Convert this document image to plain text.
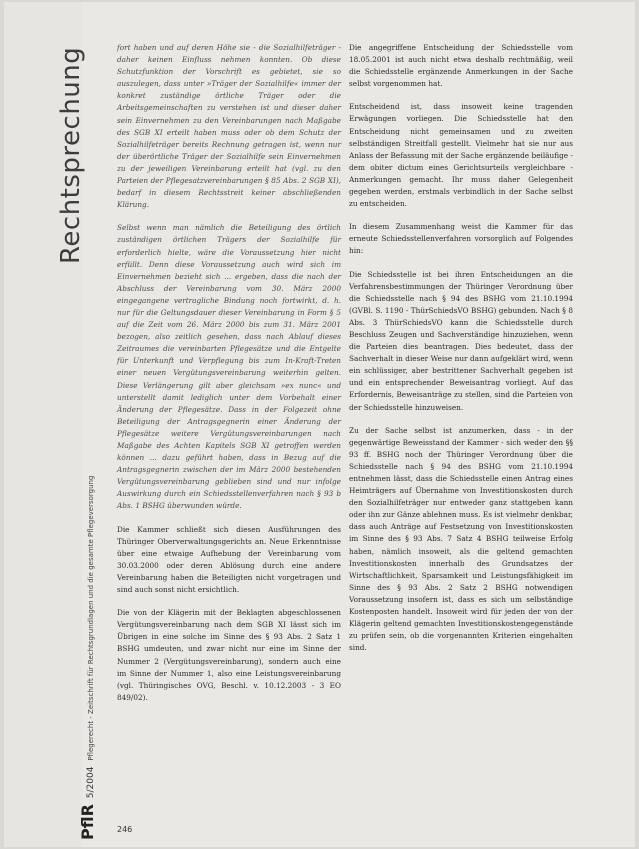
Rechtsprechung
PflR 5/2004 Pflegerecht - Zeitschrift für Rechtsgrundlagen und die gesamte Pflegeversorgung

fort haben und auf deren Höhe sie - die Sozialhilfeträger - daher keinen Einfluss nehmen konnten. Ob diese Schutzfunktion der Vorschrift es gebietet, sie so auszulegen, dass unter »Träger der Sozialhilfe« immer der konkret zuständige örtliche Träger oder die Arbeitsgemeinschaften zu verstehen ist und dieser daher sein Einvernehmen zu den Vereinbarungen nach Maßgabe des SGB XI erteilt haben muss oder ob dem Schutz der Sozialhilfeträger bereits Rechnung getragen ist, wenn nur der überörtliche Träger der Sozialhilfe sein Einvernehmen zu der jeweiligen Vereinbarung erteilt hat (vgl. zu den Parteien der Pflegesatzvereinbarungen § 85 Abs. 2 SGB XI), bedarf in diesem Rechtsstreit keiner abschließenden Klärung.

Selbst wenn man nämlich die Beteiligung des örtlich zuständigen örtlichen Trägers der Sozialhilfe für erforderlich hielte, wäre die Voraussetzung hier nicht erfüllt. Denn diese Voraussetzung auch wird sich im Einvernehmen bezieht sich ... ergeben, dass die nach der Abschluss der Vereinbarung vom 30. März 2000 eingegangene vertragliche Bindung noch fortwirkt, d. h. nur für die Geltungsdauer dieser Vereinbarung in Form § 5 auf die Zeit vom 26. März 2000 bis zum 31. März 2001 bezogen, also zeitlich gesehen, dass nach Ablauf dieses Zeitraumes die vereinbarten Pflegesätze und die Entgelte für Unterkunft und Verpflegung bis zum In-Kraft-Treten einer neuen Vergütungsvereinbarung weiterhin gelten. Diese Verlängerung gilt aber gleichsam »ex nunc« und unterstellt damit lediglich unter dem Vorbehalt einer Änderung der Pflegesätze. Dass in der Folgezeit ohne Beteiligung der Antragsgegnerin einer Änderung der Pflegesätze weitere Vergütungsvereinbarungen nach Maßgabe des Achten Kapitels SGB XI getroffen werden können ... dazu geführt haben, dass in Bezug auf die Antragsgegnerin zwischen der im März 2000 bestehenden Vergütungsvereinbarung geblieben sind und nur infolge Auswirkung durch ein Schiedsstellenverfahren nach § 93 b Abs. 1 BSHG überwunden würde.

Die Kammer schließt sich diesen Ausführungen des Thüringer Oberverwaltungsgerichts an. Neue Erkenntnisse über eine etwaige Aufhebung der Vereinbarung vom 30.03.2000 oder deren Ablösung durch eine andere Vereinbarung haben die Beteiligten nicht vorgetragen und sind auch sonst nicht ersichtlich.

Die von der Klägerin mit der Beklagten abgeschlossenen Vergütungsvereinbarung nach dem SGB XI lässt sich im Übrigen in eine solche im Sinne des § 93 Abs. 2 Satz 1 BSHG umdeuten, und zwar nicht nur eine im Sinne der Nummer 2 (Vergütungsvereinbarung), sondern auch eine im Sinne der Nummer 1, also eine Leistungsvereinbarung (vgl. Thüringisches OVG, Beschl. v. 10.12.2003 - 3 EO 849/02).

Die angegriffene Entscheidung der Schiedsstelle vom 18.05.2001 ist auch nicht etwa deshalb rechtmäßig, weil die Schiedsstelle ergänzende Anmerkungen in der Sache selbst vorgenommen hat.

Entscheidend ist, dass insoweit keine tragenden Erwägungen vorliegen. Die Schiedsstelle hat den Entscheidung nicht gemeinsamen und zu zweiten selbständigen Streitfall gestellt. Vielmehr hat sie nur aus Anlass der Befassung mit der Sache ergänzende beiläufige - dem obiter dictum eines Gerichtsurteils vergleichbare - Anmerkungen gemacht. Ihr muss daher Gelegenheit gegeben werden, erstmals verbindlich in der Sache selbst zu entscheiden.

In diesem Zusammenhang weist die Kammer für das erneute Schiedsstellenverfahren vorsorglich auf Folgendes hin:

Die Schiedsstelle ist bei ihren Entscheidungen an die Verfahrensbestimmungen der Thüringer Verordnung über die Schiedsstelle nach § 94 des BSHG vom 21.10.1994 (GVBl. S. 1190 - ThürSchiedsVO BSHG) gebunden. Nach § 8 Abs. 3 ThürSchiedsVO kann die Schiedsstelle durch Beschluss Zeugen und Sachverständige hinzuziehen, wenn die Parteien dies beantragen. Dies bedeutet, dass der Sachverhalt in dieser Weise nur dann aufgeklärt wird, wenn ein schlüssiger, aber bestrittener Sachverhalt gegeben ist und ein entsprechender Beweisantrag vorliegt. Auf das Erfordernis, Beweisanträge zu stellen, sind die Parteien von der Schiedsstelle hinzuweisen.

Zu der Sache selbst ist anzumerken, dass - in der gegenwärtige Beweisstand der Kammer - sich weder den §§ 93 ff. BSHG noch der Thüringer Verordnung über die Schiedsstelle nach § 94 des BSHG vom 21.10.1994 entnehmen lässt, dass die Schiedsstelle einen Antrag eines Heimträgers auf Übernahme von Investitionskosten durch den Sozialhilfeträger nur entweder ganz stattgeben kann oder ihn zur Gänze ablehnen muss. Es ist vielmehr denkbar, dass auch Anträge auf Festsetzung von Investitionskosten im Sinne des § 93 Abs. 7 Satz 4 BSHG teilweise Erfolg haben, nämlich insoweit, als die geltend gemachten Investitionskosten innerhalb des Grundsatzes der Wirtschaftlichkeit, Sparsamkeit und Leistungsfähigkeit im Sinne des § 93 Abs. 2 Satz 2 BSHG notwendigen Voraussetzung insofern ist, dass es sich um selbständige Kostenposten handelt. Insoweit wird für jeden der von der Klägerin geltend gemachten Investitionskostengegenstände zu prüfen sein, ob die vorgenannten Kriterien eingehalten sind.

246
